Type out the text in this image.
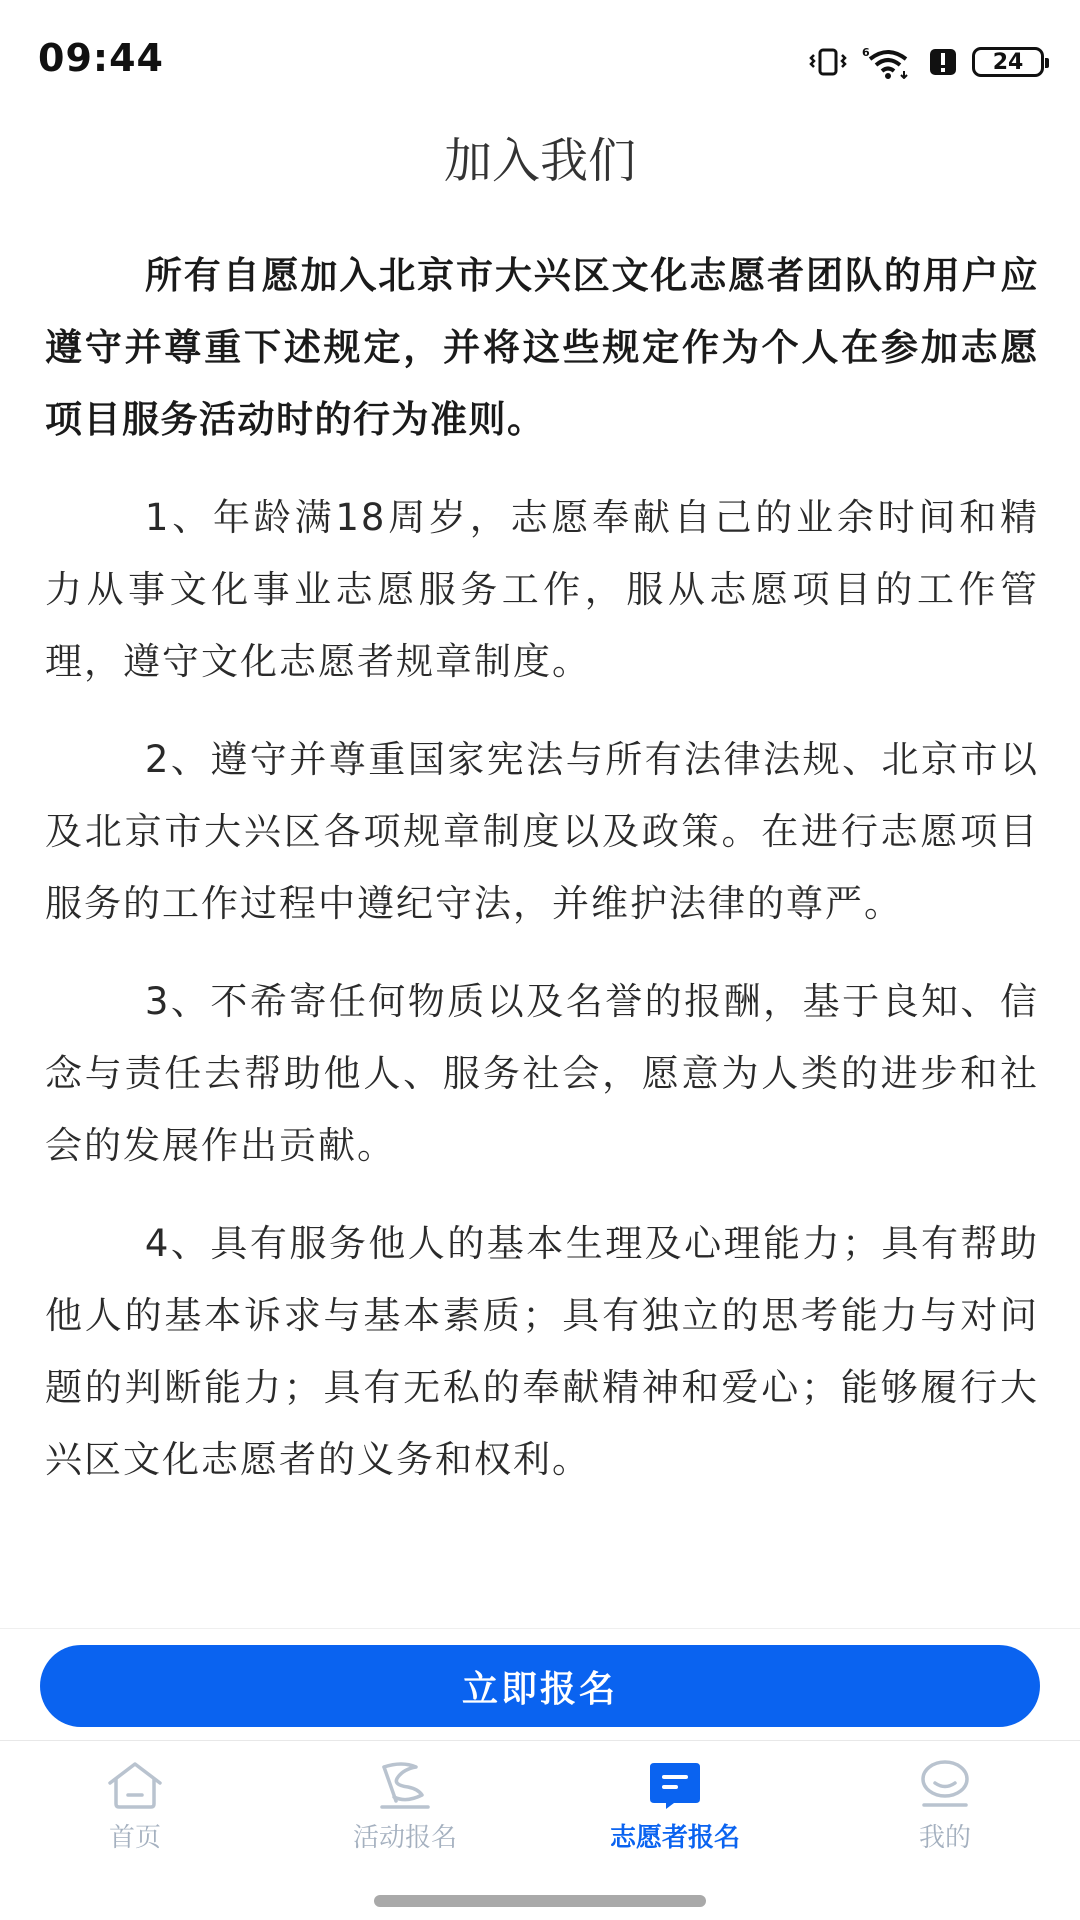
09:44	6	24
加入我们

所有自愿加入北京市大兴区文化志愿者团队的用户应遵守并尊重下述规定，并将这些规定作为个人在参加志愿项目服务活动时的行为准则。

1、年龄满18周岁，志愿奉献自己的业余时间和精力从事文化事业志愿服务工作，服从志愿项目的工作管理，遵守文化志愿者规章制度。

2、遵守并尊重国家宪法与所有法律法规、北京市以及北京市大兴区各项规章制度以及政策。在进行志愿项目服务的工作过程中遵纪守法，并维护法律的尊严。

3、不希寄任何物质以及名誉的报酬，基于良知、信念与责任去帮助他人、服务社会，愿意为人类的进步和社会的发展作出贡献。

4、具有服务他人的基本生理及心理能力；具有帮助他人的基本诉求与基本素质；具有独立的思考能力与对问题的判断能力；具有无私的奉献精神和爱心；能够履行大兴区文化志愿者的义务和权利。

立即报名
首页	活动报名	志愿者报名	我的
